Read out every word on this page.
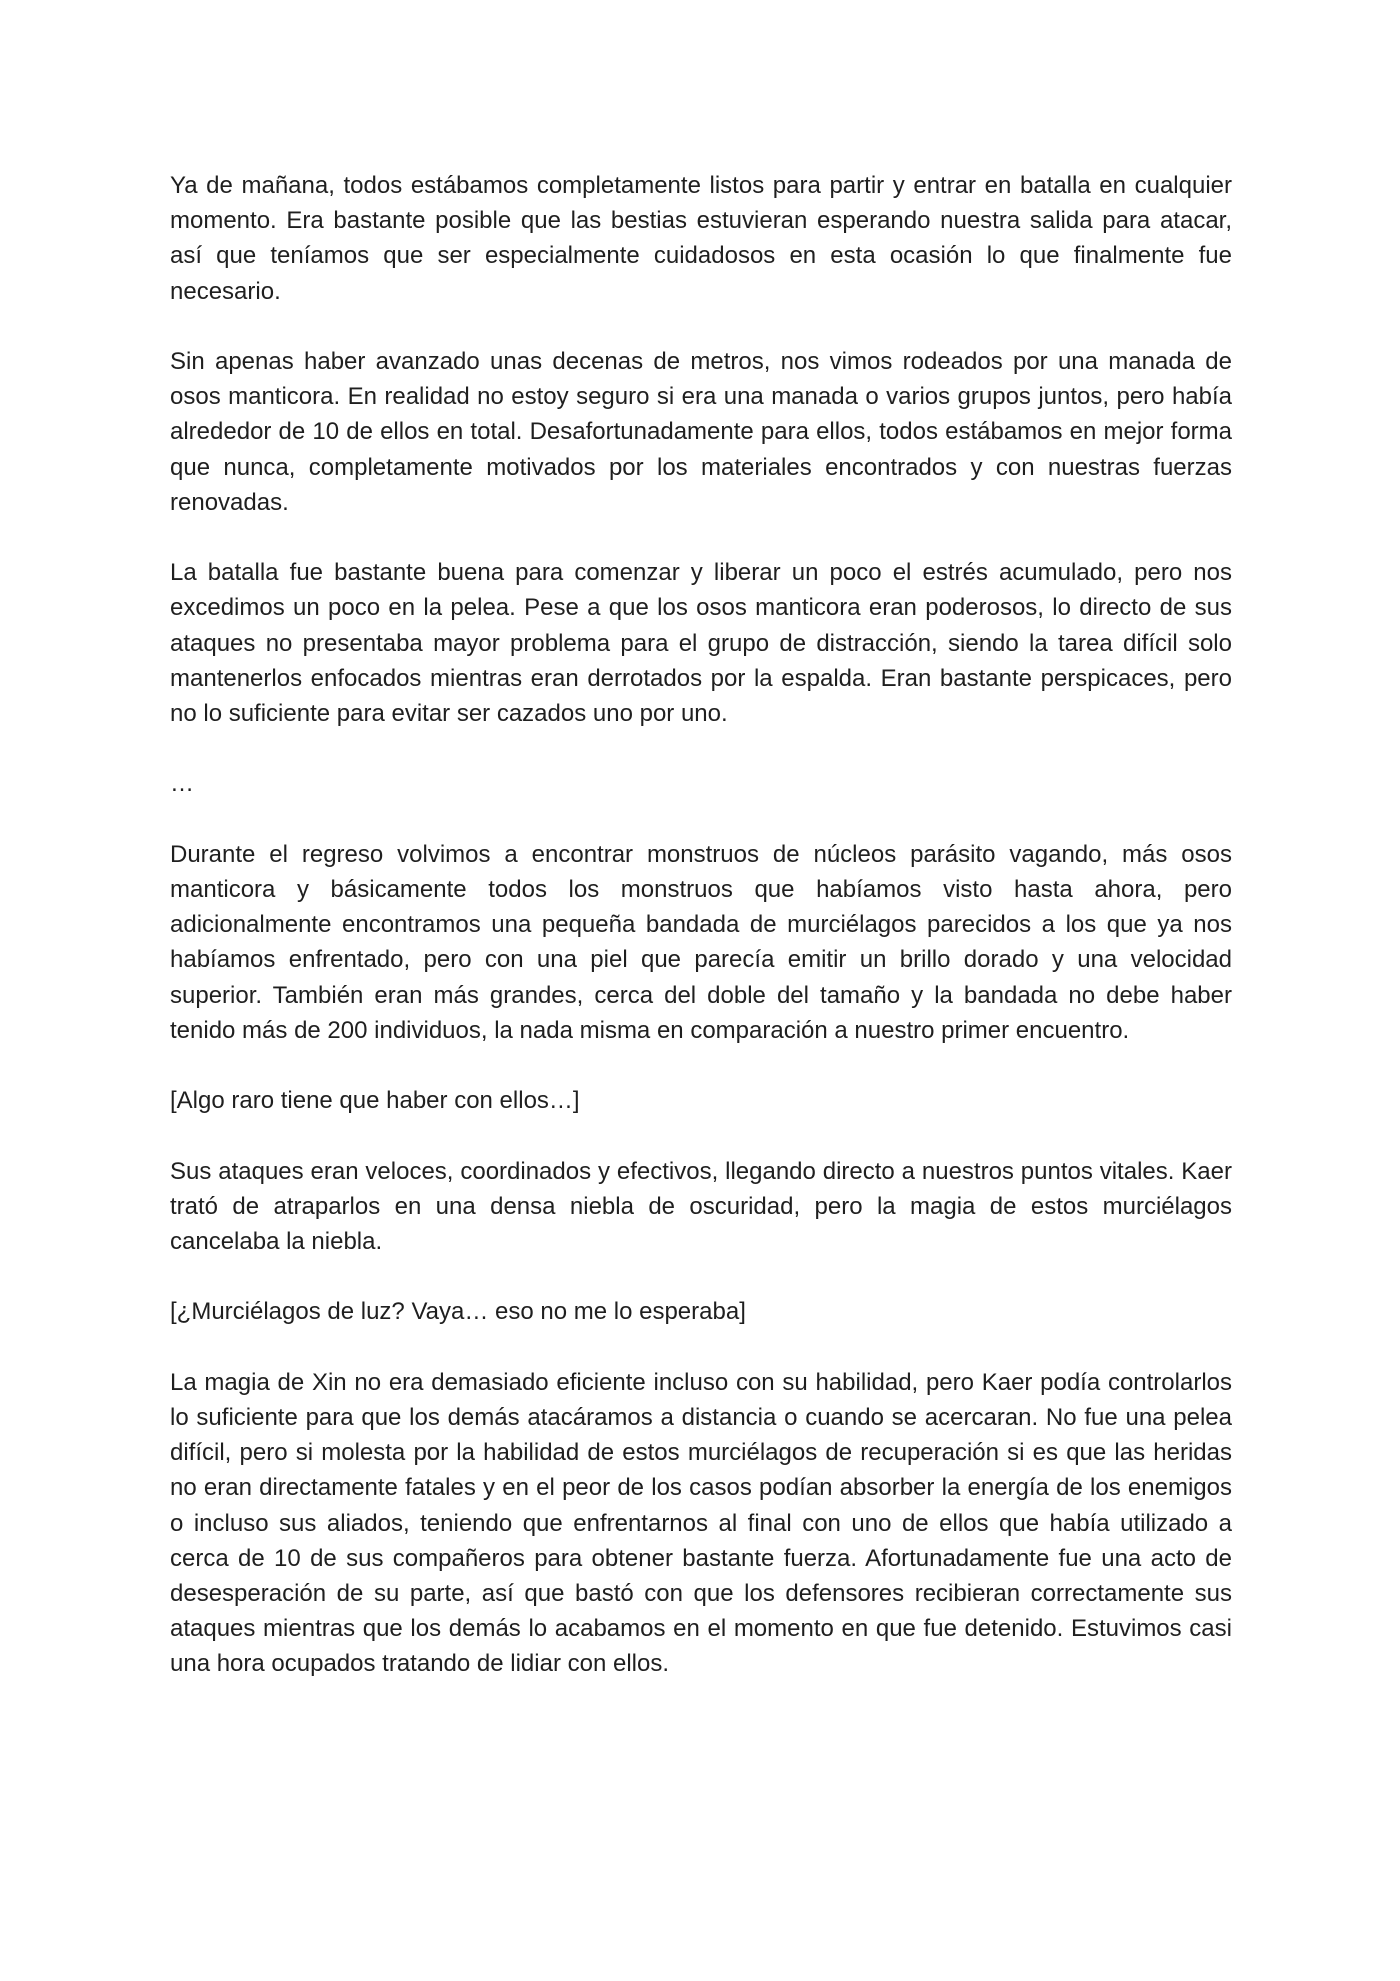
Ya de mañana, todos estábamos completamente listos para partir y entrar en batalla en cualquier momento. Era bastante posible que las bestias estuvieran esperando nuestra salida para atacar, así que teníamos que ser especialmente cuidadosos en esta ocasión lo que finalmente fue necesario.

Sin apenas haber avanzado unas decenas de metros, nos vimos rodeados por una manada de osos manticora. En realidad no estoy seguro si era una manada o varios grupos juntos, pero había alrededor de 10 de ellos en total. Desafortunadamente para ellos, todos estábamos en mejor forma que nunca, completamente motivados por los materiales encontrados y con nuestras fuerzas renovadas.

La batalla fue bastante buena para comenzar y liberar un poco el estrés acumulado, pero nos excedimos un poco en la pelea. Pese a que los osos manticora eran poderosos, lo directo de sus ataques no presentaba mayor problema para el grupo de distracción, siendo la tarea difícil solo mantenerlos enfocados mientras eran derrotados por la espalda. Eran bastante perspicaces, pero no lo suficiente para evitar ser cazados uno por uno.

…

Durante el regreso volvimos a encontrar monstruos de núcleos parásito vagando, más osos manticora y básicamente todos los monstruos que habíamos visto hasta ahora, pero adicionalmente encontramos una pequeña bandada de murciélagos parecidos a los que ya nos habíamos enfrentado, pero con una piel que parecía emitir un brillo dorado y una velocidad superior. También eran más grandes, cerca del doble del tamaño y la bandada no debe haber tenido más de 200 individuos, la nada misma en comparación a nuestro primer encuentro.

[Algo raro tiene que haber con ellos…]

Sus ataques eran veloces, coordinados y efectivos, llegando directo a nuestros puntos vitales. Kaer trató de atraparlos en una densa niebla de oscuridad, pero la magia de estos murciélagos cancelaba la niebla.

[¿Murciélagos de luz? Vaya… eso no me lo esperaba]

La magia de Xin no era demasiado eficiente incluso con su habilidad, pero Kaer podía controlarlos lo suficiente para que los demás atacáramos a distancia o cuando se acercaran. No fue una pelea difícil, pero si molesta por la habilidad de estos murciélagos de recuperación si es que las heridas no eran directamente fatales y en el peor de los casos podían absorber la energía de los enemigos o incluso sus aliados, teniendo que enfrentarnos al final con uno de ellos que había utilizado a cerca de 10 de sus compañeros para obtener bastante fuerza. Afortunadamente fue una acto de desesperación de su parte, así que bastó con que los defensores recibieran correctamente sus ataques mientras que los demás lo acabamos en el momento en que fue detenido. Estuvimos casi una hora ocupados tratando de lidiar con ellos.
